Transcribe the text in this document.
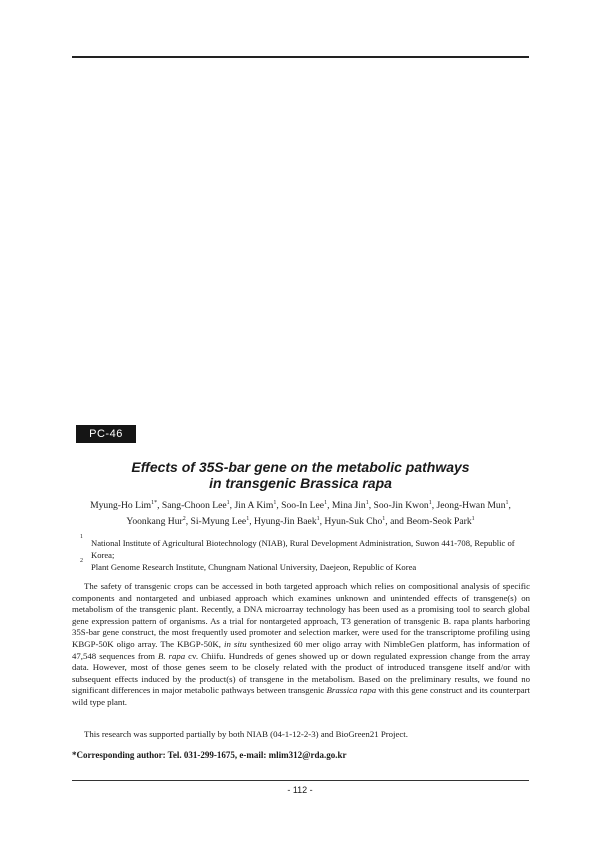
PC-46
Effects of 35S-bar gene on the metabolic pathways
in transgenic Brassica rapa
Myung-Ho Lim$^{1*}$, Sang-Choon Lee$^1$, Jin A Kim$^1$, Soo-In Lee$^1$, Mina Jin$^1$, Soo-Jin Kwon$^1$, Jeong-Hwan Mun$^1$,
Yoonkang Hur$^2$, Si-Myung Lee$^1$, Hyung-Jin Baek$^1$, Hyun-Suk Cho$^1$, and Beom-Seok Park$^1$
1
National Institute of Agricultural Biotechnology (NIAB), Rural Development Administration, Suwon 441-708, Republic of Korea;
2
Plant Genome Research Institute, Chungnam National University, Daejeon, Republic of Korea
The safety of transgenic crops can be accessed in both targeted approach which relies on compositional analysis of specific components and nontargeted and unbiased approach which examines unknown and unintended effects of transgene(s) on metabolism of the transgenic plant. Recently, a DNA microarray technology has been used as a promising tool to search global gene expression pattern of organisms. As a trial for nontargeted approach, T3 generation of transgenic B. rapa plants harboring 35S-bar gene construct, the most frequently used promoter and selection marker, were used for the transcriptome profiling using KBGP-50K oligo array. The KBGP-50K, in situ synthesized 60 mer oligo array with NimbleGen platform, has information of 47,548 sequences from B. rapa cv. Chiifu. Hundreds of genes showed up or down regulated expression change from the array data. However, most of those genes seem to be closely related with the product of introduced transgene itself and/or with subsequent effects induced by the product(s) of transgene in the metabolism. Based on the preliminary results, we found no significant differences in major metabolic pathways between transgenic Brassica rapa with this gene construct and its counterpart wild type plant.
This research was supported partially by both NIAB (04-1-12-2-3) and BioGreen21 Project.
*Corresponding author: Tel. 031-299-1675, e-mail: mlim312@rda.go.kr
- 112 -
